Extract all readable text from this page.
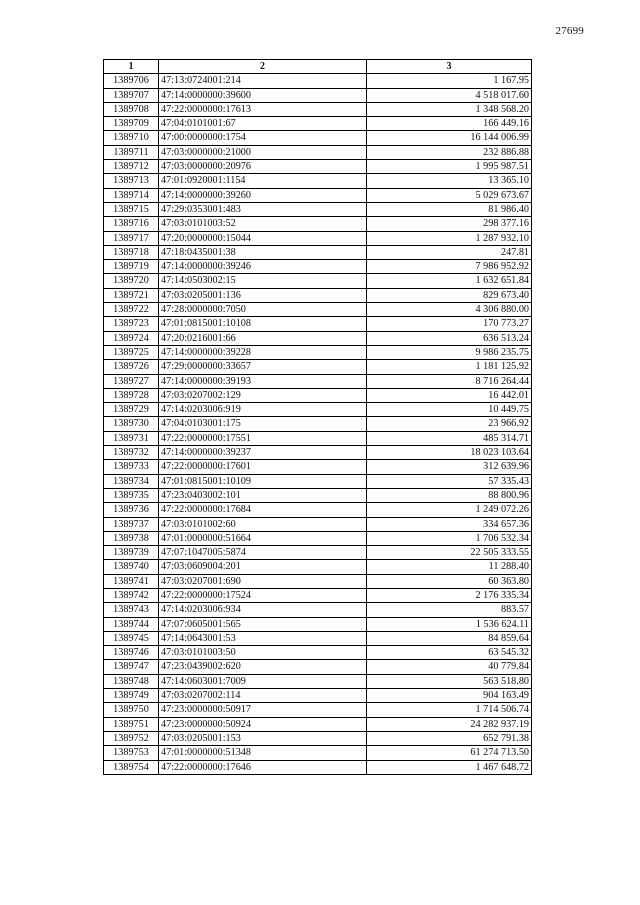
27699
1	2	3
1389706	47:13:0724001:214	1 167.95
1389707	47:14:0000000:39600	4 518 017.60
1389708	47:22:0000000:17613	1 348 568.20
1389709	47:04:0101001:67	166 449.16
1389710	47:00:0000000:1754	16 144 006.99
1389711	47:03:0000000:21000	232 886.88
1389712	47:03:0000000:20976	1 995 987.51
1389713	47:01:0920001:1154	13 365.10
1389714	47:14:0000000:39260	5 029 673.67
1389715	47:29:0353001:483	81 986.40
1389716	47:03:0101003:52	298 377.16
1389717	47:20:0000000:15044	1 287 932.10
1389718	47:18:0435001:38	247.81
1389719	47:14:0000000:39246	7 986 952.92
1389720	47:14:0503002:15	1 632 651.84
1389721	47:03:0205001:136	829 673.40
1389722	47:28:0000000:7050	4 306 880.00
1389723	47:01:0815001:10108	170 773.27
1389724	47:20:0216001:66	636 513.24
1389725	47:14:0000000:39228	9 986 235.75
1389726	47:29:0000000:33657	1 181 125.92
1389727	47:14:0000000:39193	8 716 264.44
1389728	47:03:0207002:129	16 442.01
1389729	47:14:0203006:919	10 449.75
1389730	47:04:0103001:175	23 966.92
1389731	47:22:0000000:17551	485 314.71
1389732	47:14:0000000:39237	18 023 103.64
1389733	47:22:0000000:17601	312 639.96
1389734	47:01:0815001:10109	57 335.43
1389735	47:23:0403002:101	88 800.96
1389736	47:22:0000000:17684	1 249 072.26
1389737	47:03:0101002:60	334 657.36
1389738	47:01:0000000:51664	1 706 532.34
1389739	47:07:1047005:5874	22 505 333.55
1389740	47:03:0609004:201	11 288.40
1389741	47:03:0207001:690	60 363.80
1389742	47:22:0000000:17524	2 176 335.34
1389743	47:14:0203006:934	883.57
1389744	47:07:0605001:565	1 536 624.11
1389745	47:14:0643001:53	84 859.64
1389746	47:03:0101003:50	63 545.32
1389747	47:23:0439002:620	40 779.84
1389748	47:14:0603001:7009	563 518.80
1389749	47:03:0207002:114	904 163.49
1389750	47:23:0000000:50917	1 714 506.74
1389751	47:23:0000000:50924	24 282 937.19
1389752	47:03:0205001:153	652 791.38
1389753	47:01:0000000:51348	61 274 713.50
1389754	47:22:0000000:17646	1 467 648.72
